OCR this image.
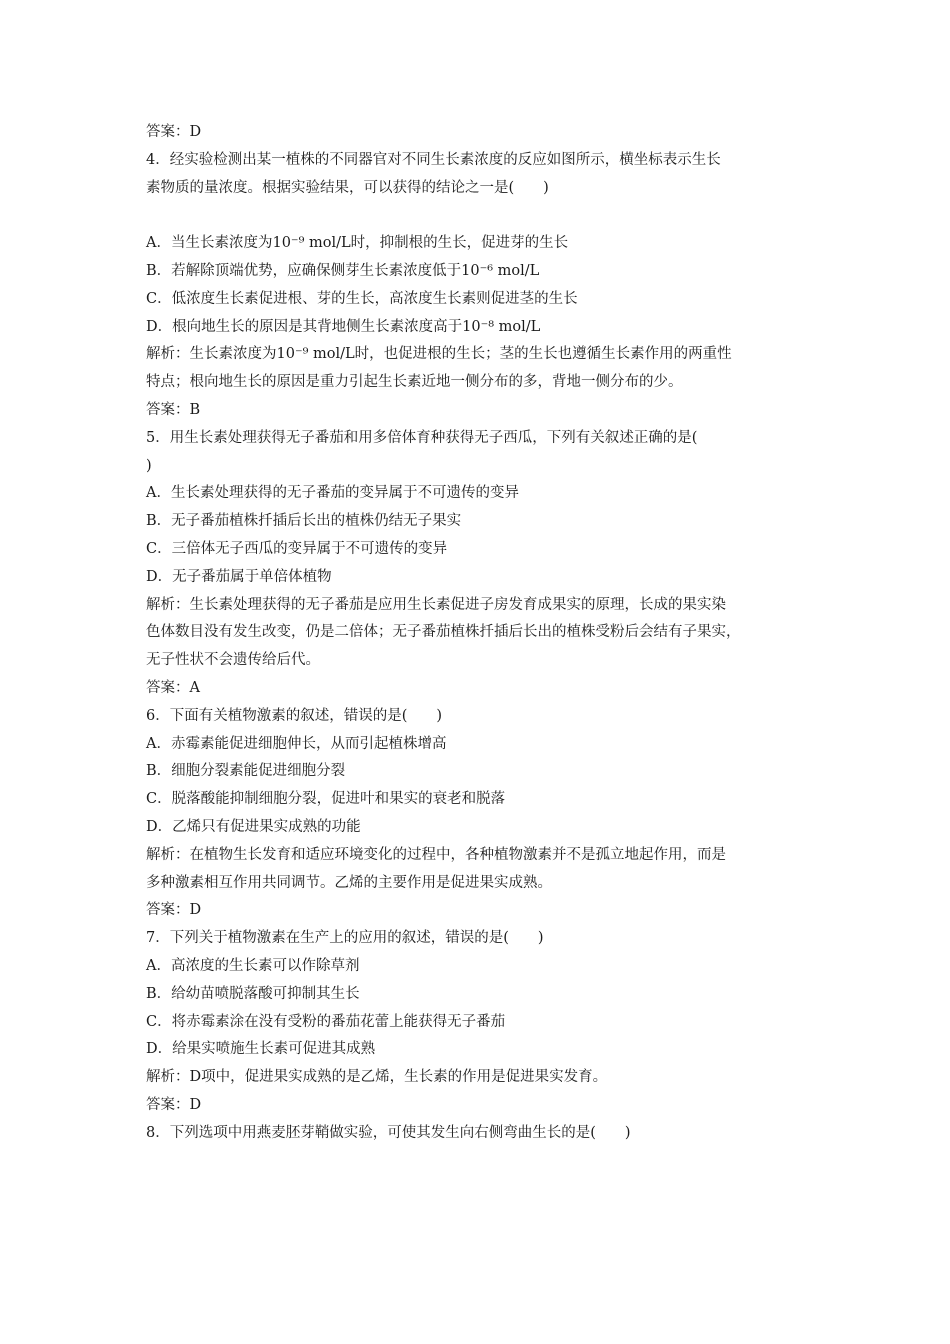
答案：D
4．经实验检测出某一植株的不同器官对不同生长素浓度的反应如图所示，横坐标表示生长
素物质的量浓度。根据实验结果，可以获得的结论之一是(　　)
A．当生长素浓度为10⁻⁹ mol/L时，抑制根的生长，促进芽的生长
B．若解除顶端优势，应确保侧芽生长素浓度低于10⁻⁶ mol/L
C．低浓度生长素促进根、芽的生长，高浓度生长素则促进茎的生长
D．根向地生长的原因是其背地侧生长素浓度高于10⁻⁸ mol/L
解析：生长素浓度为10⁻⁹ mol/L时，也促进根的生长；茎的生长也遵循生长素作用的两重性
特点；根向地生长的原因是重力引起生长素近地一侧分布的多，背地一侧分布的少。
答案：B
5．用生长素处理获得无子番茄和用多倍体育种获得无子西瓜，下列有关叙述正确的是(
)
A．生长素处理获得的无子番茄的变异属于不可遗传的变异
B．无子番茄植株扦插后长出的植株仍结无子果实
C．三倍体无子西瓜的变异属于不可遗传的变异
D．无子番茄属于单倍体植物
解析：生长素处理获得的无子番茄是应用生长素促进子房发育成果实的原理，长成的果实染
色体数目没有发生改变，仍是二倍体；无子番茄植株扦插后长出的植株受粉后会结有子果实，
无子性状不会遗传给后代。
答案：A
6．下面有关植物激素的叙述，错误的是(　　)
A．赤霉素能促进细胞伸长，从而引起植株增高
B．细胞分裂素能促进细胞分裂
C．脱落酸能抑制细胞分裂，促进叶和果实的衰老和脱落
D．乙烯只有促进果实成熟的功能
解析：在植物生长发育和适应环境变化的过程中，各种植物激素并不是孤立地起作用，而是
多种激素相互作用共同调节。乙烯的主要作用是促进果实成熟。
答案：D
7．下列关于植物激素在生产上的应用的叙述，错误的是(　　)
A．高浓度的生长素可以作除草剂
B．给幼苗喷脱落酸可抑制其生长
C．将赤霉素涂在没有受粉的番茄花蕾上能获得无子番茄
D．给果实喷施生长素可促进其成熟
解析：D项中，促进果实成熟的是乙烯，生长素的作用是促进果实发育。
答案：D
8．下列选项中用燕麦胚芽鞘做实验，可使其发生向右侧弯曲生长的是(　　)
